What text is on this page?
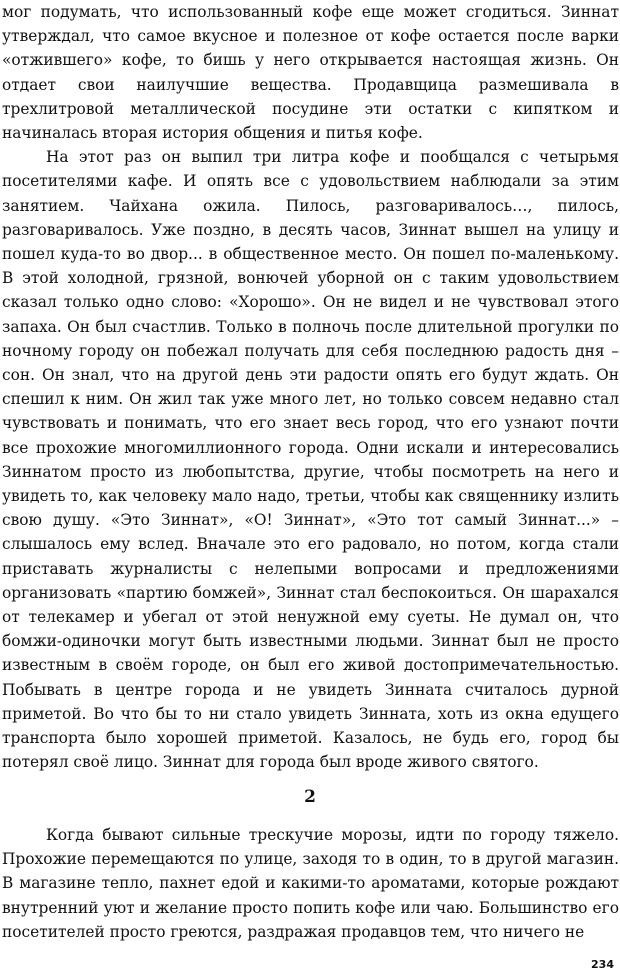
мог подумать, что использованный кофе еще может сгодиться. Зиннат утверждал, что самое вкусное и полезное от кофе остается после варки «отжившего» кофе, то бишь у него открывается настоящая жизнь. Он отдает свои наилучшие вещества. Продавщица размешивала в трехлитровой металлической посудине эти остатки с кипятком и начиналась вторая история общения и питья кофе.

На этот раз он выпил три литра кофе и пообщался с четырьмя посетителями кафе. И опять все с удовольствием наблюдали за этим занятием. Чайхана ожила. Пилось, разговаривалось…, пилось, разговаривалось. Уже поздно, в десять часов, Зиннат вышел на улицу и пошел куда-то во двор... в общественное место. Он пошел по-маленькому. В этой холодной, грязной, вонючей уборной он с таким удовольствием сказал только одно слово: «Хорошо». Он не видел и не чувствовал этого запаха. Он был счастлив. Только в полночь после длительной прогулки по ночному городу он побежал получать для себя последнюю радость дня – сон. Он знал, что на другой день эти радости опять его будут ждать. Он спешил к ним. Он жил так уже много лет, но только совсем недавно стал чувствовать и понимать, что его знает весь город, что его узнают почти все прохожие многомиллионного города. Одни искали и интересовались Зиннатом просто из любопытства, другие, чтобы посмотреть на него и увидеть то, как человеку мало надо, третьи, чтобы как священнику излить свою душу. «Это Зиннат», «О! Зиннат», «Это тот самый Зиннат...» – слышалось ему вслед. Вначале это его радовало, но потом, когда стали приставать журналисты с нелепыми вопросами и предложениями организовать «партию бомжей», Зиннат стал беспокоиться. Он шарахался от телекамер и убегал от этой ненужной ему суеты. Не думал он, что бомжи-одиночки могут быть известными людьми. Зиннат был не просто известным в своём городе, он был его живой достопримечательностью. Побывать в центре города и не увидеть Зинната считалось дурной приметой. Во что бы то ни стало увидеть Зинната, хоть из окна едущего транспорта было хорошей приметой. Казалось, не будь его, город бы потерял своё лицо. Зиннат для города был вроде живого святого.

2

Когда бывают сильные трескучие морозы, идти по городу тяжело. Прохожие перемещаются по улице, заходя то в один, то в другой магазин. В магазине тепло, пахнет едой и какими-то ароматами, которые рождают внутренний уют и желание просто попить кофе или чаю. Большинство его посетителей просто греются, раздражая продавцов тем, что ничего не

234
